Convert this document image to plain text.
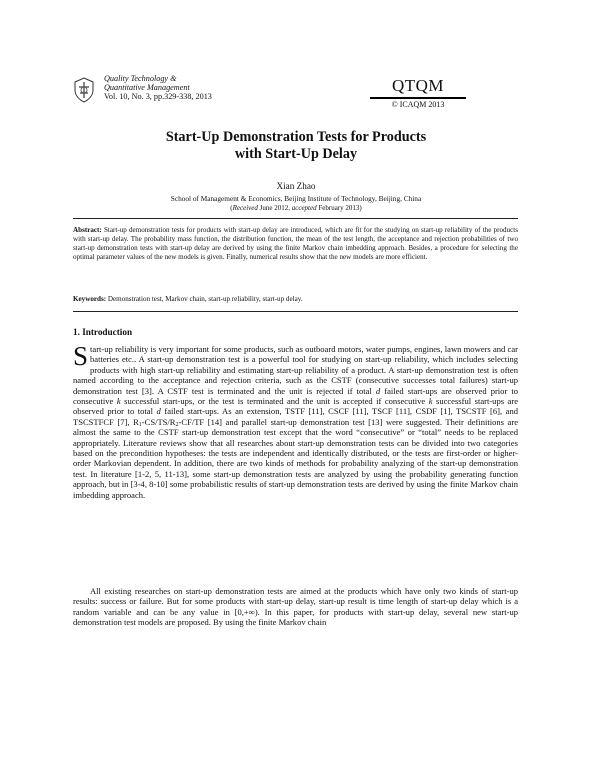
Quality Technology &
Quantitative Management
Vol. 10, No. 3, pp.329-338, 2013
QTQM
© ICAQM 2013
Start-Up Demonstration Tests for Products
with Start-Up Delay
Xian Zhao
School of Management & Economics, Beijing Institute of Technology, Beijing, China
(Received June 2012, accepted February 2013)
Abstract: Start-up demonstration tests for products with start-up delay are introduced, which are fit for the studying on start-up reliability of the products with start-up delay. The probability mass function, the distribution function, the mean of the test length, the acceptance and rejection probabilities of two start-up demonstration tests with start-up delay are derived by using the finite Markov chain imbedding approach. Besides, a procedure for selecting the optimal parameter values of the new models is given. Finally, numerical results show that the new models are more efficient.
Keywords: Demonstration test, Markov chain, start-up reliability, start-up delay.
1. Introduction
Start-up reliability is very important for some products, such as outboard motors, water pumps, engines, lawn mowers and car batteries etc.. A start-up demonstration test is a powerful tool for studying on start-up reliability, which includes selecting products with high start-up reliability and estimating start-up reliability of a product. A start-up demonstration test is often named according to the acceptance and rejection criteria, such as the CSTF (consecutive successes total failures) start-up demonstration test [3]. A CSTF test is terminated and the unit is rejected if total d failed start-ups are observed prior to consecutive k successful start-ups, or the test is terminated and the unit is accepted if consecutive k successful start-ups are observed prior to total d failed start-ups. As an extension, TSTF [11], CSCF [11], TSCF [11], CSDF [1], TSCSTF [6], and TSCSTFCF [7], $R_1-CS/TS/R_2-CF/TF$ [14] and parallel start-up demonstration test [13] were suggested. Their definitions are almost the same to the CSTF start-up demonstration test except that the word “consecutive” or “total” needs to be replaced appropriately. Literature reviews show that all researches about start-up demonstration tests can be divided into two categories based on the precondition hypotheses: the tests are independent and identically distributed, or the tests are first-order or higher-order Markovian dependent. In addition, there are two kinds of methods for probability analyzing of the start-up demonstration test. In literature [1-2, 5, 11-13], some start-up demonstration tests are analyzed by using the probability generating function approach, but in [3-4, 8-10] some probabilistic results of start-up demonstration tests are derived by using the finite Markov chain imbedding approach.
All existing researches on start-up demonstration tests are aimed at the products which have only two kinds of start-up results: success or failure. But for some products with start-up delay, start-up result is time length of start-up delay which is a random variable and can be any value in [0,+∞). In this paper, for products with start-up delay, several new start-up demonstration test models are proposed. By using the finite Markov chain
